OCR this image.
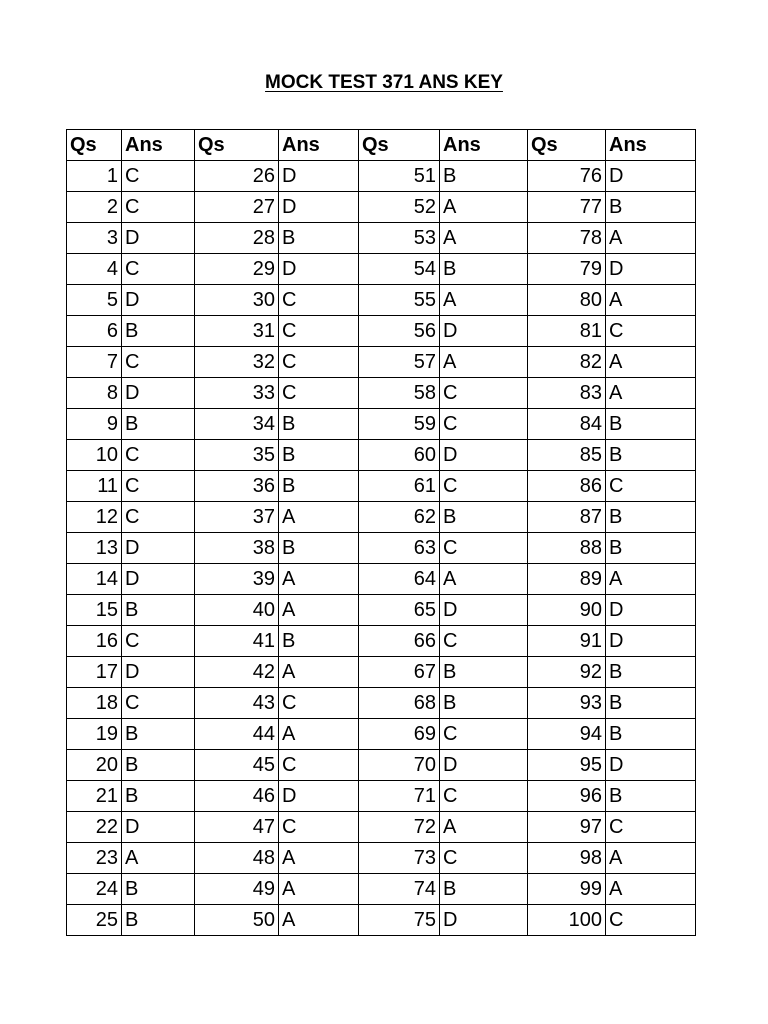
MOCK TEST 371 ANS KEY
Qs	Ans	Qs	Ans	Qs	Ans	Qs	Ans
1	C	26	D	51	B	76	D
2	C	27	D	52	A	77	B
3	D	28	B	53	A	78	A
4	C	29	D	54	B	79	D
5	D	30	C	55	A	80	A
6	B	31	C	56	D	81	C
7	C	32	C	57	A	82	A
8	D	33	C	58	C	83	A
9	B	34	B	59	C	84	B
10	C	35	B	60	D	85	B
11	C	36	B	61	C	86	C
12	C	37	A	62	B	87	B
13	D	38	B	63	C	88	B
14	D	39	A	64	A	89	A
15	B	40	A	65	D	90	D
16	C	41	B	66	C	91	D
17	D	42	A	67	B	92	B
18	C	43	C	68	B	93	B
19	B	44	A	69	C	94	B
20	B	45	C	70	D	95	D
21	B	46	D	71	C	96	B
22	D	47	C	72	A	97	C
23	A	48	A	73	C	98	A
24	B	49	A	74	B	99	A
25	B	50	A	75	D	100	C
